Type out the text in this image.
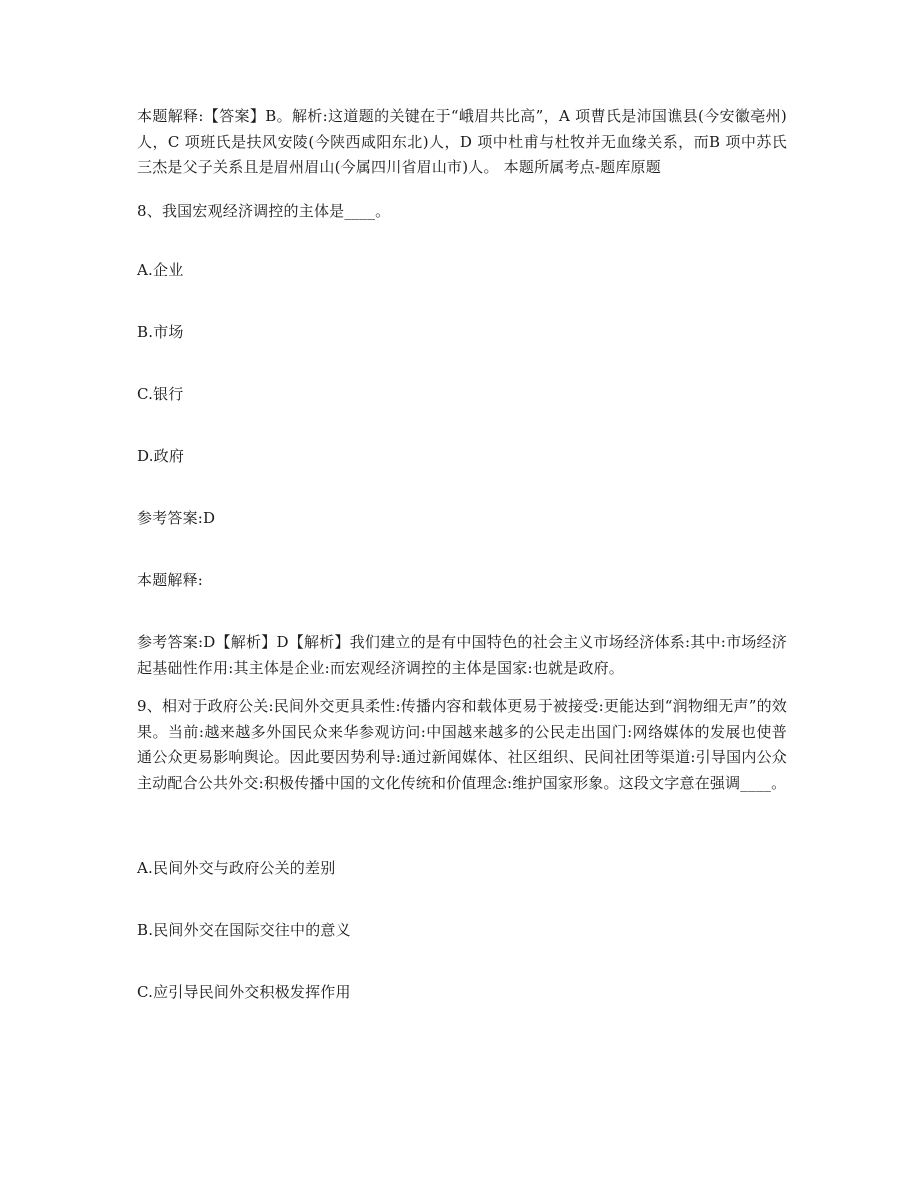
本题解释:【答案】B。解析:这道题的关键在于“峨眉共比高”，A 项曹氏是沛国谯县(今安徽亳州)人，C 项班氏是扶风安陵(今陕西咸阳东北)人，D 项中杜甫与杜牧并无血缘关系，而B 项中苏氏三杰是父子关系且是眉州眉山(今属四川省眉山市)人。 本题所属考点-题库原题

8、我国宏观经济调控的主体是____。

A.企业

B.市场

C.银行

D.政府

参考答案:D

本题解释:

参考答案:D【解析】D【解析】我们建立的是有中国特色的社会主义市场经济体系:其中:市场经济起基础性作用:其主体是企业:而宏观经济调控的主体是国家:也就是政府。

9、相对于政府公关:民间外交更具柔性:传播内容和载体更易于被接受:更能达到“润物细无声”的效果。当前:越来越多外国民众来华参观访问:中国越来越多的公民走出国门:网络媒体的发展也使普通公众更易影响舆论。因此要因势利导:通过新闻媒体、社区组织、民间社团等渠道:引导国内公众主动配合公共外交:积极传播中国的文化传统和价值理念:维护国家形象。这段文字意在强调____。

A.民间外交与政府公关的差别

B.民间外交在国际交往中的意义

C.应引导民间外交积极发挥作用
